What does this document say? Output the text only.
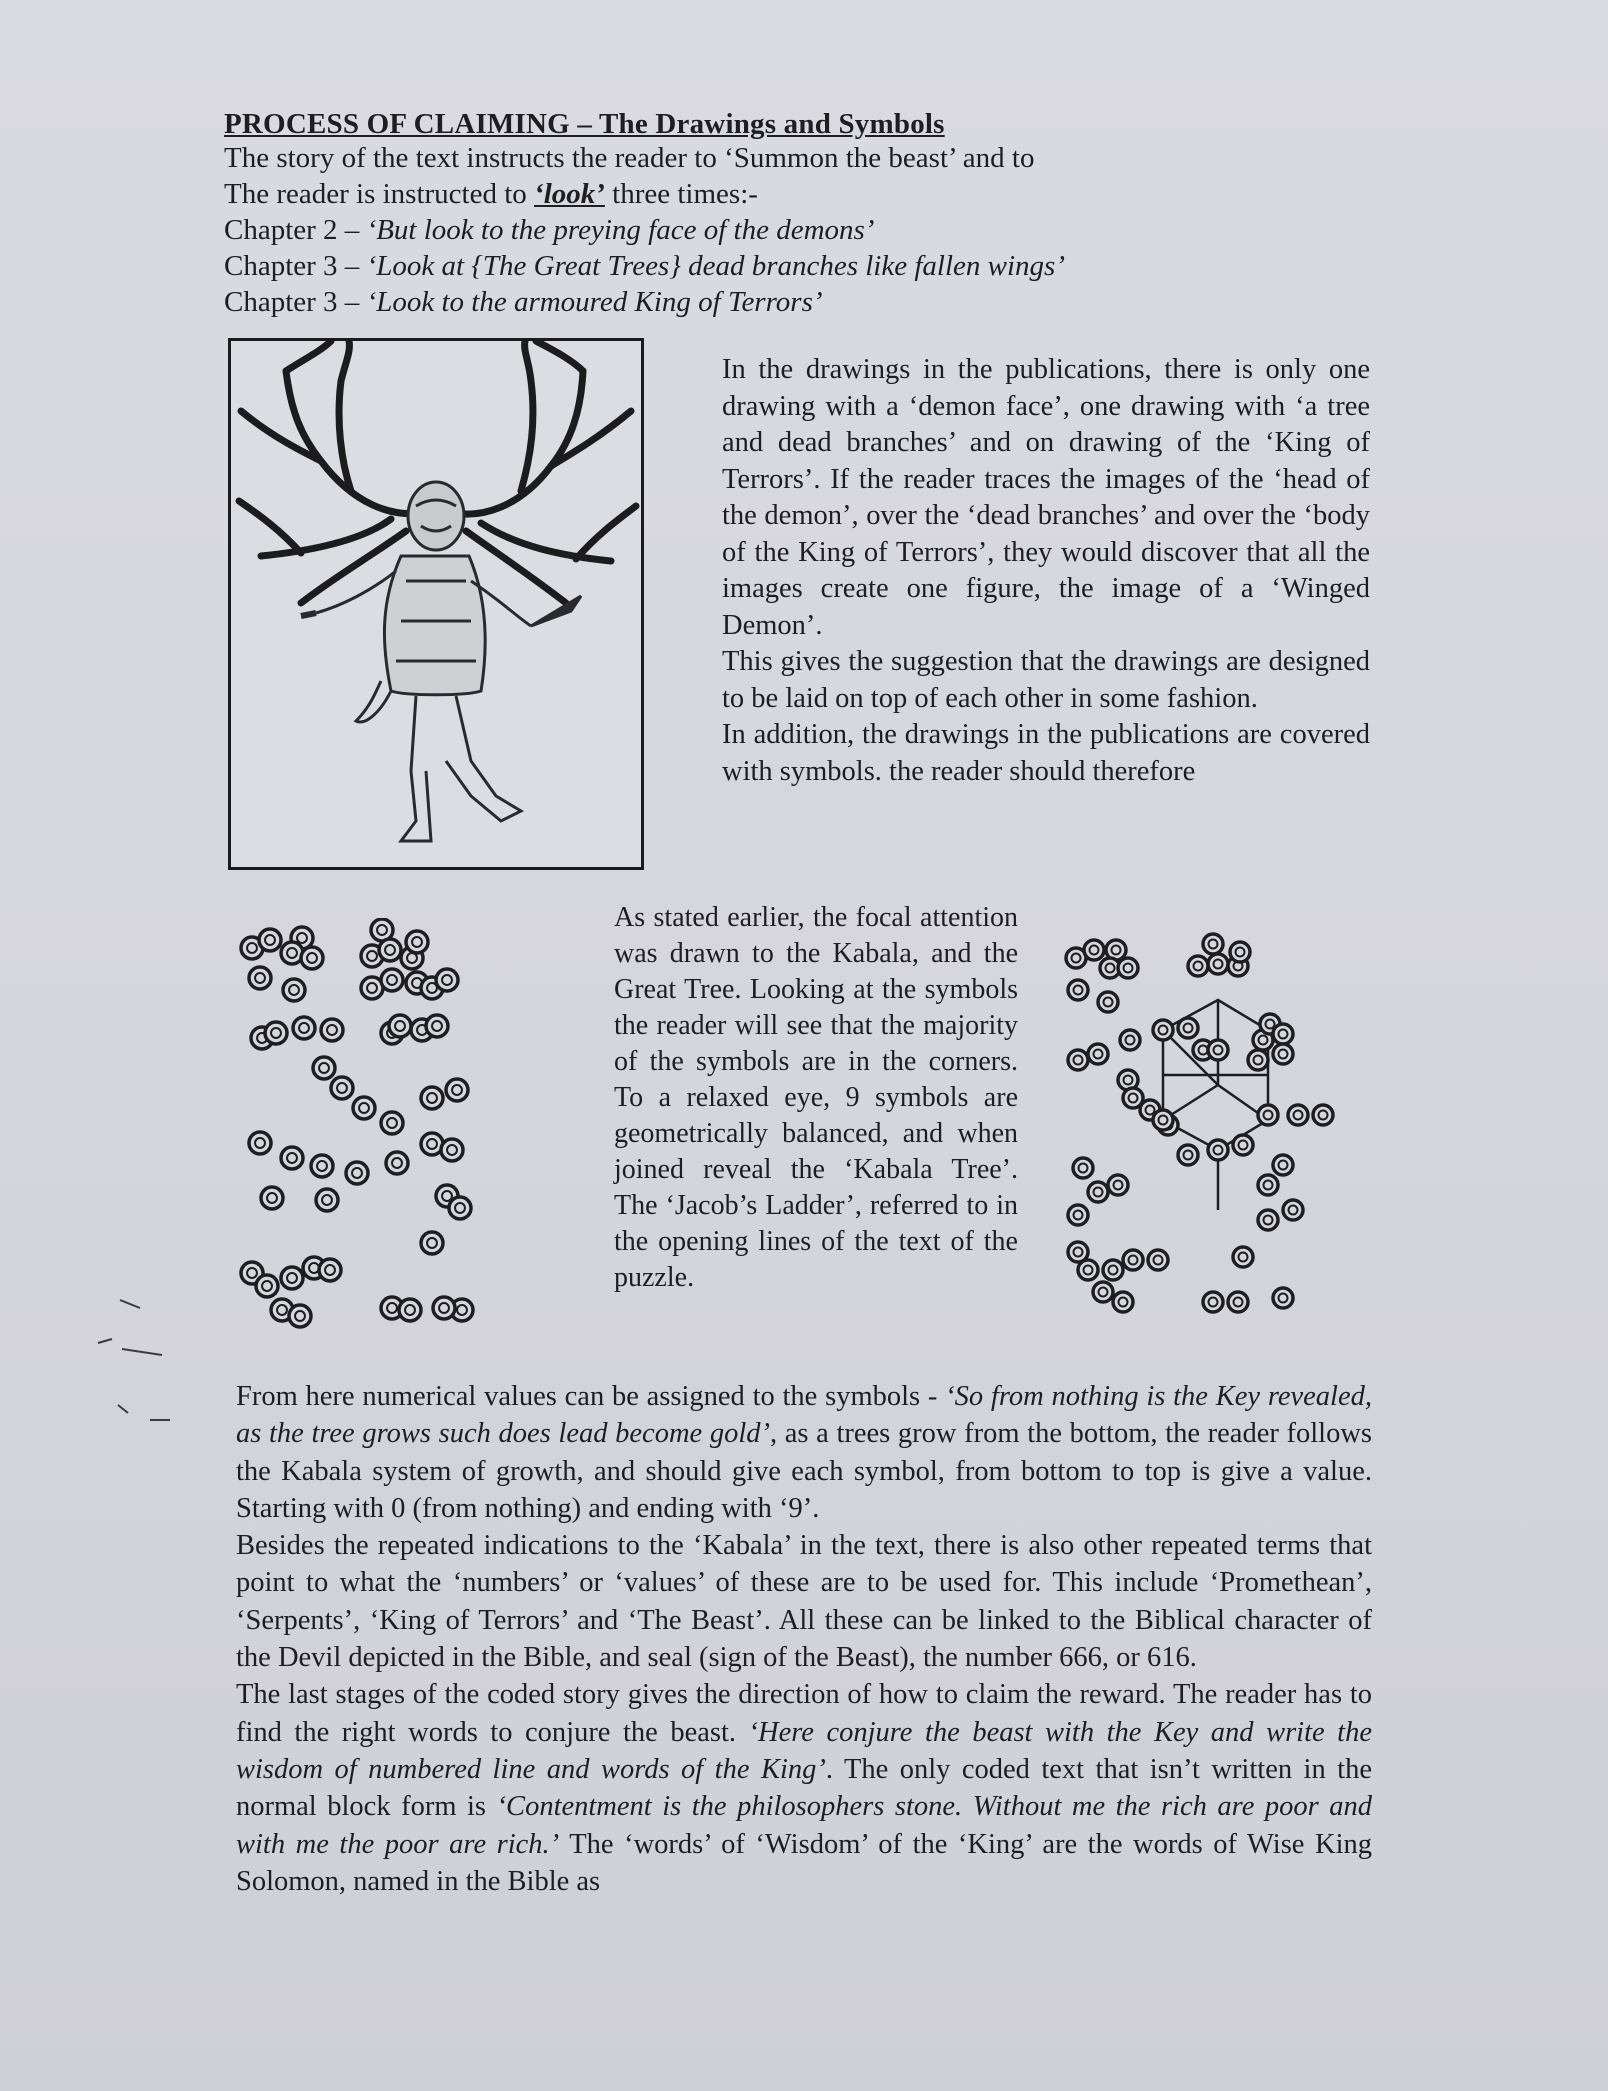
PROCESS OF CLAIMING – The Drawings and Symbols
The story of the text instructs the reader to ‘Summon the beast’ and to
The reader is instructed to ‘look’ three times:-
Chapter 2 – ‘But look to the preying face of the demons’
Chapter 3 – ‘Look at {The Great Trees} dead branches like fallen wings’
Chapter 3 – ‘Look to the armoured King of Terrors’

In the drawings in the publications, there is only one drawing with a ‘demon face’, one drawing with ‘a tree and dead branches’ and on drawing of the ‘King of Terrors’. If the reader traces the images of the ‘head of the demon’, over the ‘dead branches’ and over the ‘body of the King of Terrors’, they would discover that all the images create one figure, the image of a ‘Winged Demon’.

This gives the suggestion that the drawings are designed to be laid on top of each other in some fashion.

In addition, the drawings in the publications are covered with symbols. the reader should therefore

As stated earlier, the focal attention was drawn to the Kabala, and the Great Tree. Looking at the symbols the reader will see that the majority of the symbols are in the corners. To a relaxed eye, 9 symbols are geometrically balanced, and when joined reveal the ‘Kabala Tree’. The ‘Jacob’s Ladder’, referred to in the opening lines of the text of the puzzle.

From here numerical values can be assigned to the symbols - ‘So from nothing is the Key revealed, as the tree grows such does lead become gold’, as a trees grow from the bottom, the reader follows the Kabala system of growth, and should give each symbol, from bottom to top is give a value. Starting with 0 (from nothing) and ending with ‘9’.

Besides the repeated indications to the ‘Kabala’ in the text, there is also other repeated terms that point to what the ‘numbers’ or ‘values’ of these are to be used for. This include ‘Promethean’, ‘Serpents’, ‘King of Terrors’ and ‘The Beast’. All these can be linked to the Biblical character of the Devil depicted in the Bible, and seal (sign of the Beast), the number 666, or 616.

The last stages of the coded story gives the direction of how to claim the reward. The reader has to find the right words to conjure the beast. ‘Here conjure the beast with the Key and write the wisdom of numbered line and words of the King’. The only coded text that isn’t written in the normal block form is ‘Contentment is the philosophers stone. Without me the rich are poor and with me the poor are rich.’ The ‘words’ of ‘Wisdom’ of the ‘King’ are the words of Wise King Solomon, named in the Bible as
